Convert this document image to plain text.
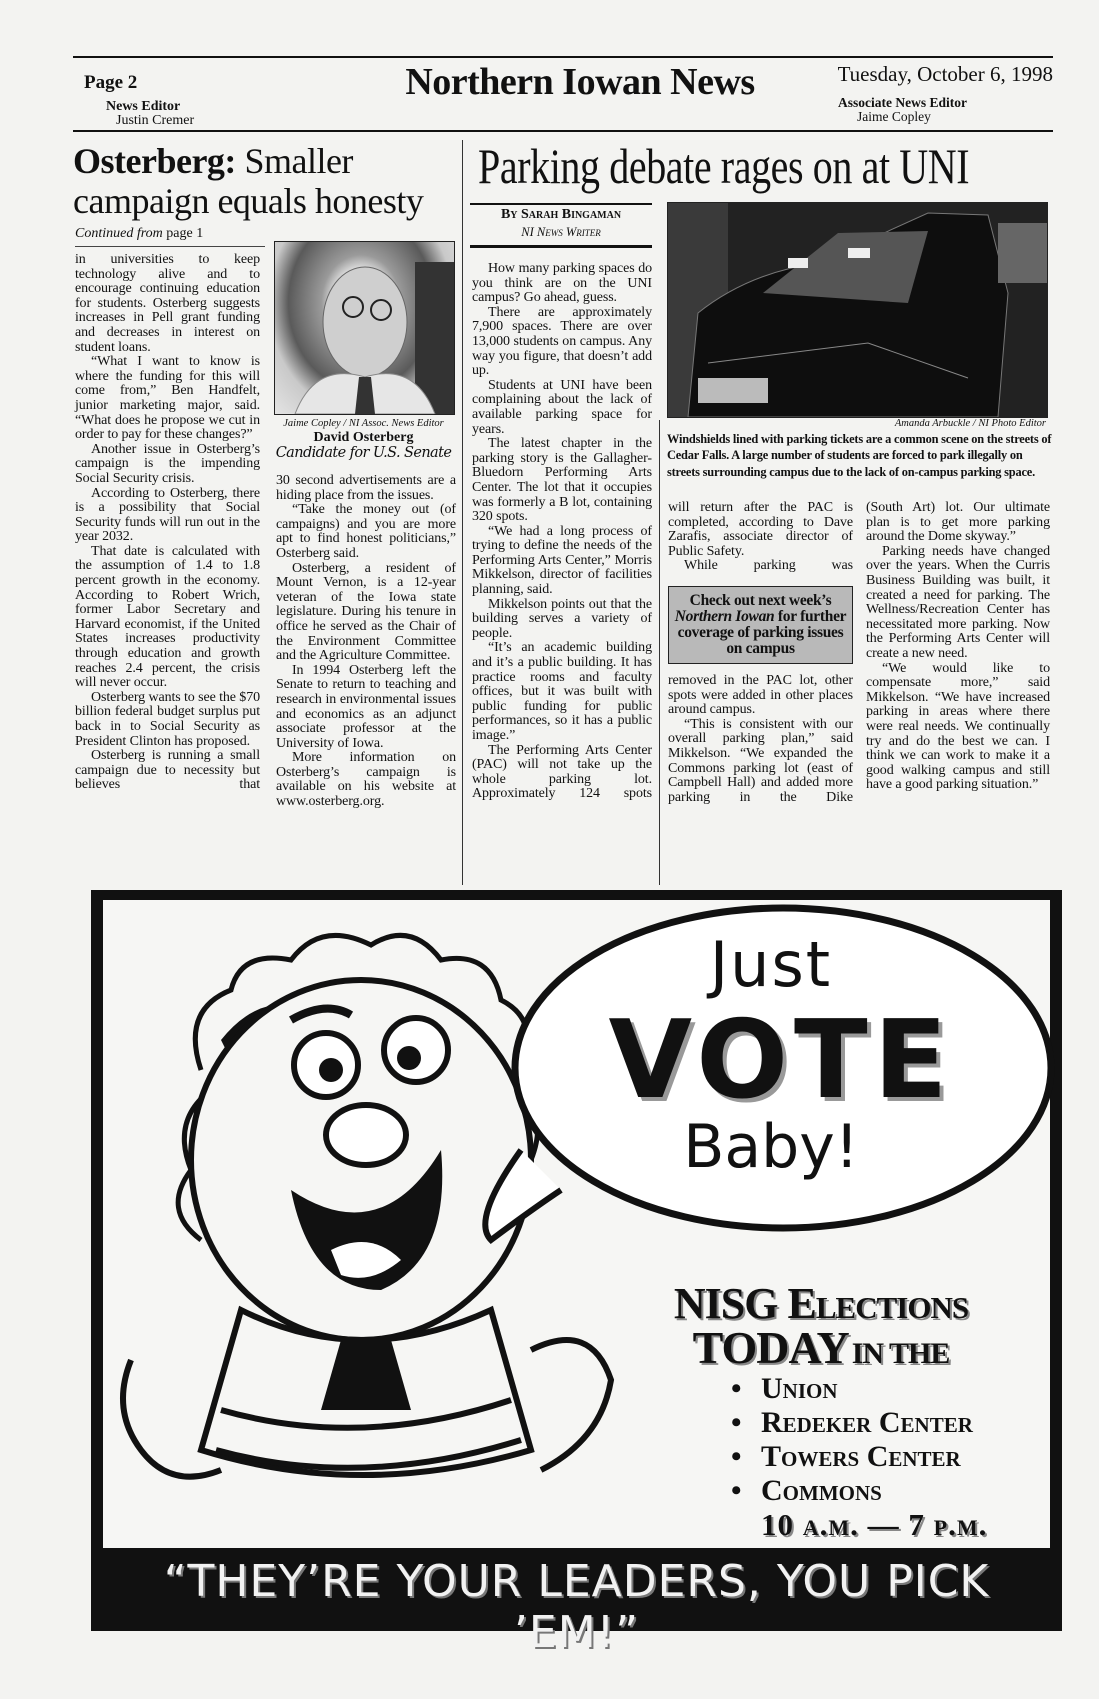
Page 2
News Editor
Justin Cremer
Northern Iowan News	Tuesday, October 6, 1998
Associate News Editor
Jaime Copley
Osterberg: Smaller
campaign equals honesty
Continued from page 1

in universities to keep technology alive and to encourage continuing education for students. Osterberg suggests increases in Pell grant funding and decreases in interest on student loans.

“What I want to know is where the funding for this will come from,” Ben Handfelt, junior marketing major, said. “What does he propose we cut in order to pay for these changes?”

Another issue in Osterberg’s campaign is the impending Social Security crisis.

According to Osterberg, there is a possibility that Social Security funds will run out in the year 2032.

That date is calculated with the assumption of 1.4 to 1.8 percent growth in the economy. According to Robert Wrich, former Labor Secretary and Harvard economist, if the United States increases productivity through education and growth reaches 2.4 percent, the crisis will never occur.

Osterberg wants to see the $70 billion federal budget surplus put back in to Social Security as President Clinton has proposed.

Osterberg is running a small campaign due to necessity but believes that

Jaime Copley / NI Assoc. News Editor
David Osterberg
Candidate for U.S. Senate

30 second advertisements are a hiding place from the issues.

“Take the money out (of campaigns) and you are more apt to find honest politicians,” Osterberg said.

Osterberg, a resident of Mount Vernon, is a 12-year veteran of the Iowa state legislature. During his tenure in office he served as the Chair of the Environment Committee and the Agriculture Committee.

In 1994 Osterberg left the Senate to return to teaching and research in environmental issues and economics as an adjunct associate professor at the University of Iowa.

More information on Osterberg’s campaign is available on his website at www.osterberg.org.

Parking debate rages on at UNI
By Sarah Bingaman
NI News Writer
Amanda Arbuckle / NI Photo Editor
Windshields lined with parking tickets are a common scene on the streets of Cedar Falls. A large number of students are forced to park illegally on streets surrounding campus due to the lack of on-campus parking space.

How many parking spaces do you think are on the UNI campus? Go ahead, guess.

There are approximately 7,900 spaces. There are over 13,000 students on campus. Any way you figure, that doesn’t add up.

Students at UNI have been complaining about the lack of available parking space for years.

The latest chapter in the parking story is the Gallagher-Bluedorn Performing Arts Center. The lot that it occupies was formerly a B lot, containing 320 spots.

“We had a long process of trying to define the needs of the Performing Arts Center,” Morris Mikkelson, director of facilities planning, said.

Mikkelson points out that the building serves a variety of people.

“It’s an academic building and it’s a public building. It has practice rooms and faculty offices, but it was built with public funding for public performances, so it has a public image.”

The Performing Arts Center (PAC) will not take up the whole parking lot. Approximately 124 spots

will return after the PAC is completed, according to Dave Zarafis, associate director of Public Safety.

While parking was

Check out next week’s Northern Iowan for further coverage of parking issues on campus

removed in the PAC lot, other spots were added in other places around campus.

“This is consistent with our overall parking plan,” said Mikkelson. “We expanded the Commons parking lot (east of Campbell Hall) and added more parking in the Dike

(South Art) lot. Our ultimate plan is to get more parking around the Dome skyway.”

Parking needs have changed over the years. When the Curris Business Building was built, it created a need for parking. The Wellness/Recreation Center has necessitated more parking. Now the Performing Arts Center will create a new need.

“We would like to compensate more,” said Mikkelson. “We have increased parking in areas where there were real needs. We continually try and do the best we can. I think we can work to make it a good walking campus and still have a good parking situation.”

Just
VOTE
Baby!
NISG Elections
TODAY IN THE
• Union
• Redeker Center
• Towers Center
• Commons
10 a.m. — 7 p.m.
“THEY’RE YOUR LEADERS, YOU PICK ’EM!”
